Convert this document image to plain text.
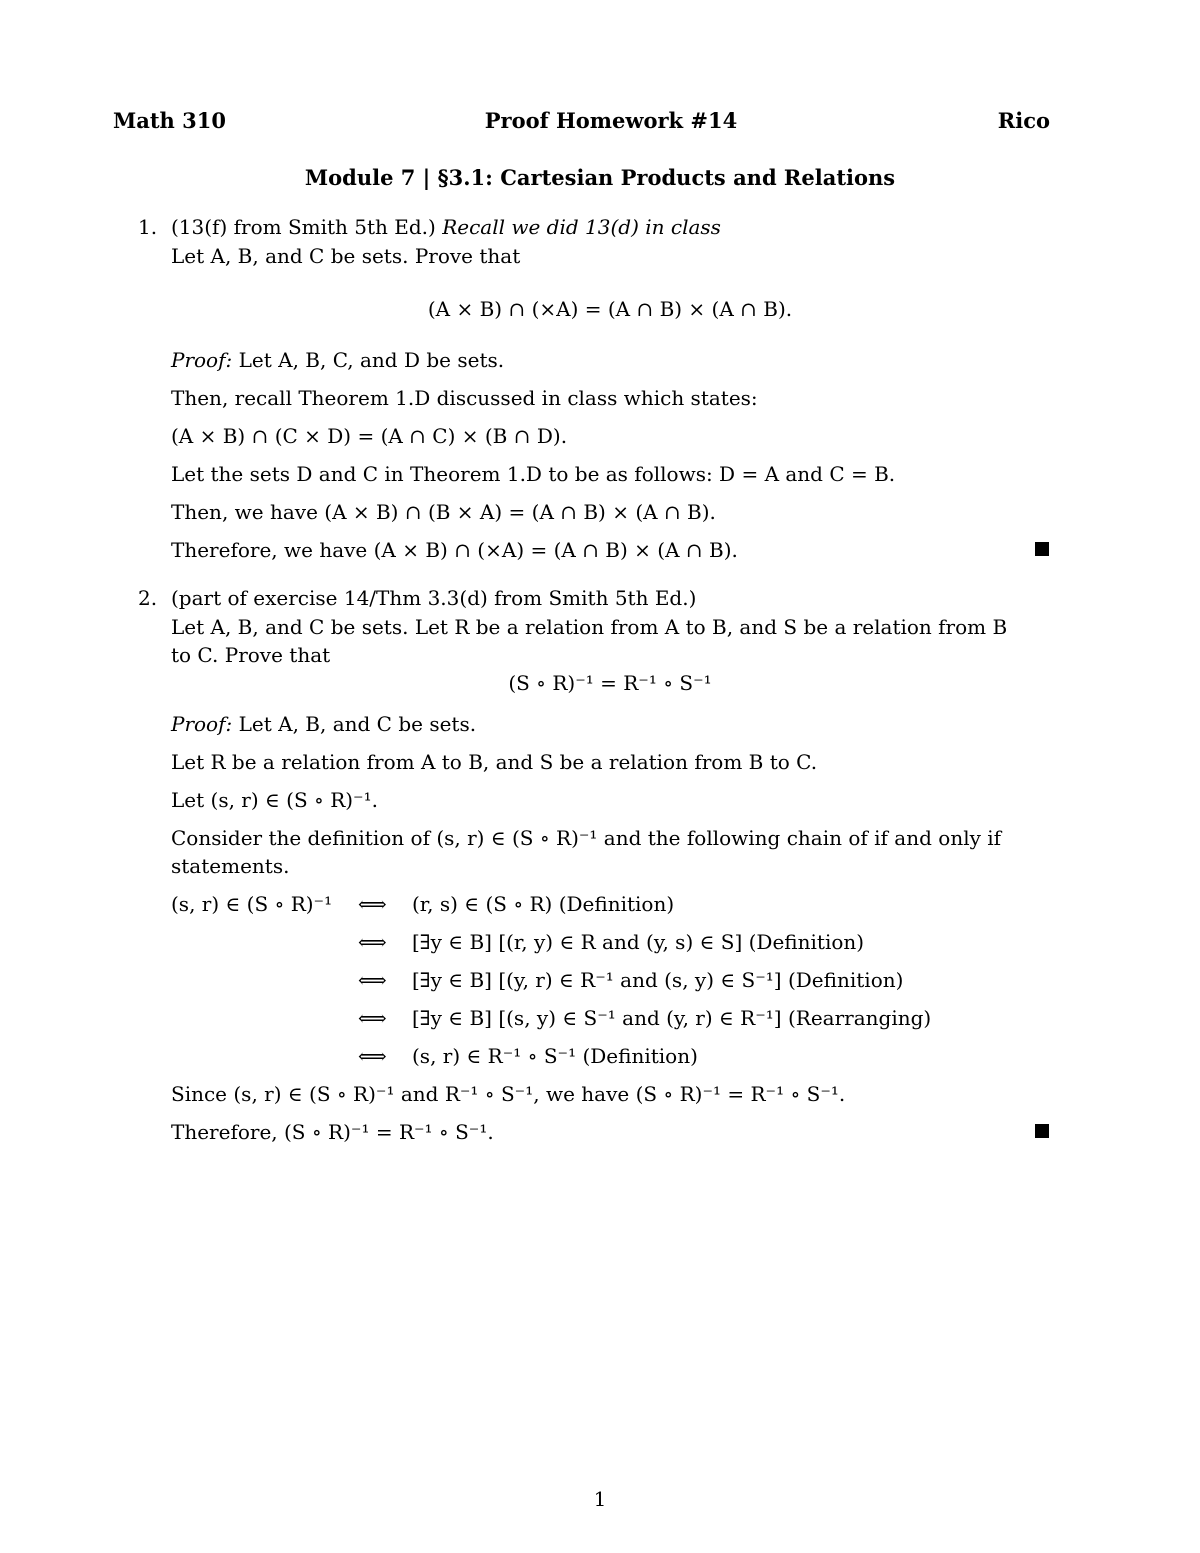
Math 310	Proof Homework #14	Rico
Module 7 | §3.1: Cartesian Products and Relations
1. (13(f) from Smith 5th Ed.) Recall we did 13(d) in class
Let A, B, and C be sets. Prove that
(A × B) ∩ (×A) = (A ∩ B) × (A ∩ B).
Proof: Let A, B, C, and D be sets.
Then, recall Theorem 1.D discussed in class which states:
(A × B) ∩ (C × D) = (A ∩ C) × (B ∩ D).
Let the sets D and C in Theorem 1.D to be as follows: D = A and C = B.
Then, we have (A × B) ∩ (B × A) = (A ∩ B) × (A ∩ B).
Therefore, we have (A × B) ∩ (×A) = (A ∩ B) × (A ∩ B).
2. (part of exercise 14/Thm 3.3(d) from Smith 5th Ed.)
Let A, B, and C be sets. Let R be a relation from A to B, and S be a relation from B
to C. Prove that
(S ∘ R)⁻¹ = R⁻¹ ∘ S⁻¹
Proof: Let A, B, and C be sets.
Let R be a relation from A to B, and S be a relation from B to C.
Let (s, r) ∈ (S ∘ R)⁻¹.
Consider the definition of (s, r) ∈ (S ∘ R)⁻¹ and the following chain of if and only if
statements.
(s, r) ∈ (S ∘ R)⁻¹ ⟺ (r, s) ∈ (S ∘ R) (Definition)
⟺ [∃y ∈ B] [(r, y) ∈ R and (y, s) ∈ S] (Definition)
⟺ [∃y ∈ B] [(y, r) ∈ R⁻¹ and (s, y) ∈ S⁻¹] (Definition)
⟺ [∃y ∈ B] [(s, y) ∈ S⁻¹ and (y, r) ∈ R⁻¹] (Rearranging)
⟺ (s, r) ∈ R⁻¹ ∘ S⁻¹ (Definition)
Since (s, r) ∈ (S ∘ R)⁻¹ and R⁻¹ ∘ S⁻¹, we have (S ∘ R)⁻¹ = R⁻¹ ∘ S⁻¹.
Therefore, (S ∘ R)⁻¹ = R⁻¹ ∘ S⁻¹.
1
